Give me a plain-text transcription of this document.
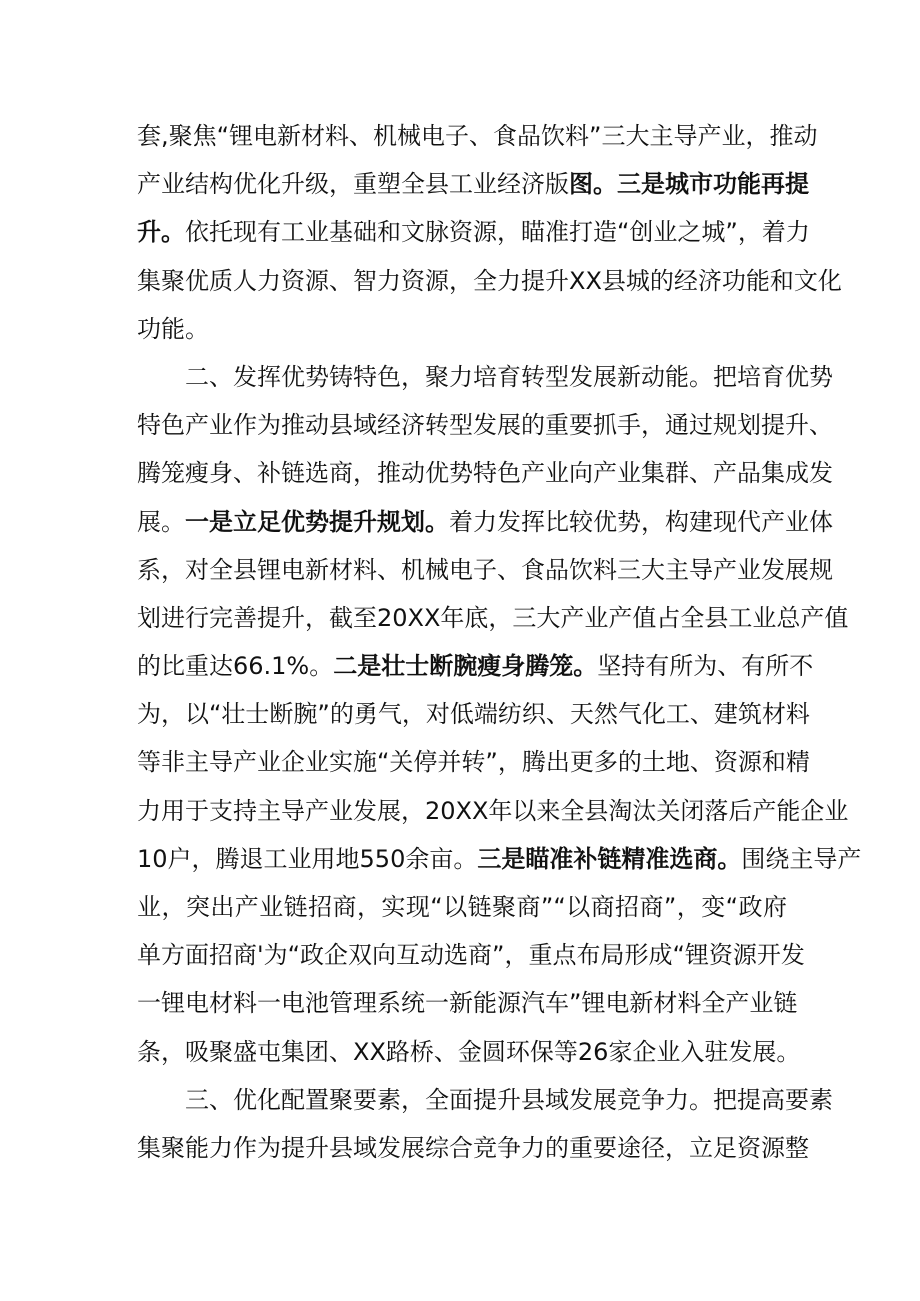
套,聚焦“锂电新材料、机械电子、食品饮料”三大主导产业，推动
产业结构优化升级，重塑全县工业经济版图。三是城市功能再提
升。依托现有工业基础和文脉资源，瞄准打造“创业之城”，着力
集聚优质人力资源、智力资源，全力提升XX县城的经济功能和文化
功能。
二、发挥优势铸特色，聚力培育转型发展新动能。把培育优势
特色产业作为推动县域经济转型发展的重要抓手，通过规划提升、
腾笼瘦身、补链选商，推动优势特色产业向产业集群、产品集成发
展。一是立足优势提升规划。着力发挥比较优势，构建现代产业体
系，对全县锂电新材料、机械电子、食品饮料三大主导产业发展规
划进行完善提升，截至20XX年底，三大产业产值占全县工业总产值
的比重达66.1%。二是壮士断腕瘦身腾笼。坚持有所为、有所不
为，以“壮士断腕”的勇气，对低端纺织、天然气化工、建筑材料
等非主导产业企业实施“关停并转”，腾出更多的土地、资源和精
力用于支持主导产业发展，20XX年以来全县淘汰关闭落后产能企业
10户，腾退工业用地550余亩。三是瞄准补链精准选商。围绕主导产
业，突出产业链招商，实现“以链聚商”“以商招商”，变“政府
单方面招商'为“政企双向互动选商”，重点布局形成“锂资源开发
一锂电材料一电池管理系统一新能源汽车”锂电新材料全产业链
条，吸聚盛屯集团、XX路桥、金圆环保等26家企业入驻发展。
三、优化配置聚要素，全面提升县域发展竞争力。把提高要素
集聚能力作为提升县域发展综合竞争力的重要途径，立足资源整
